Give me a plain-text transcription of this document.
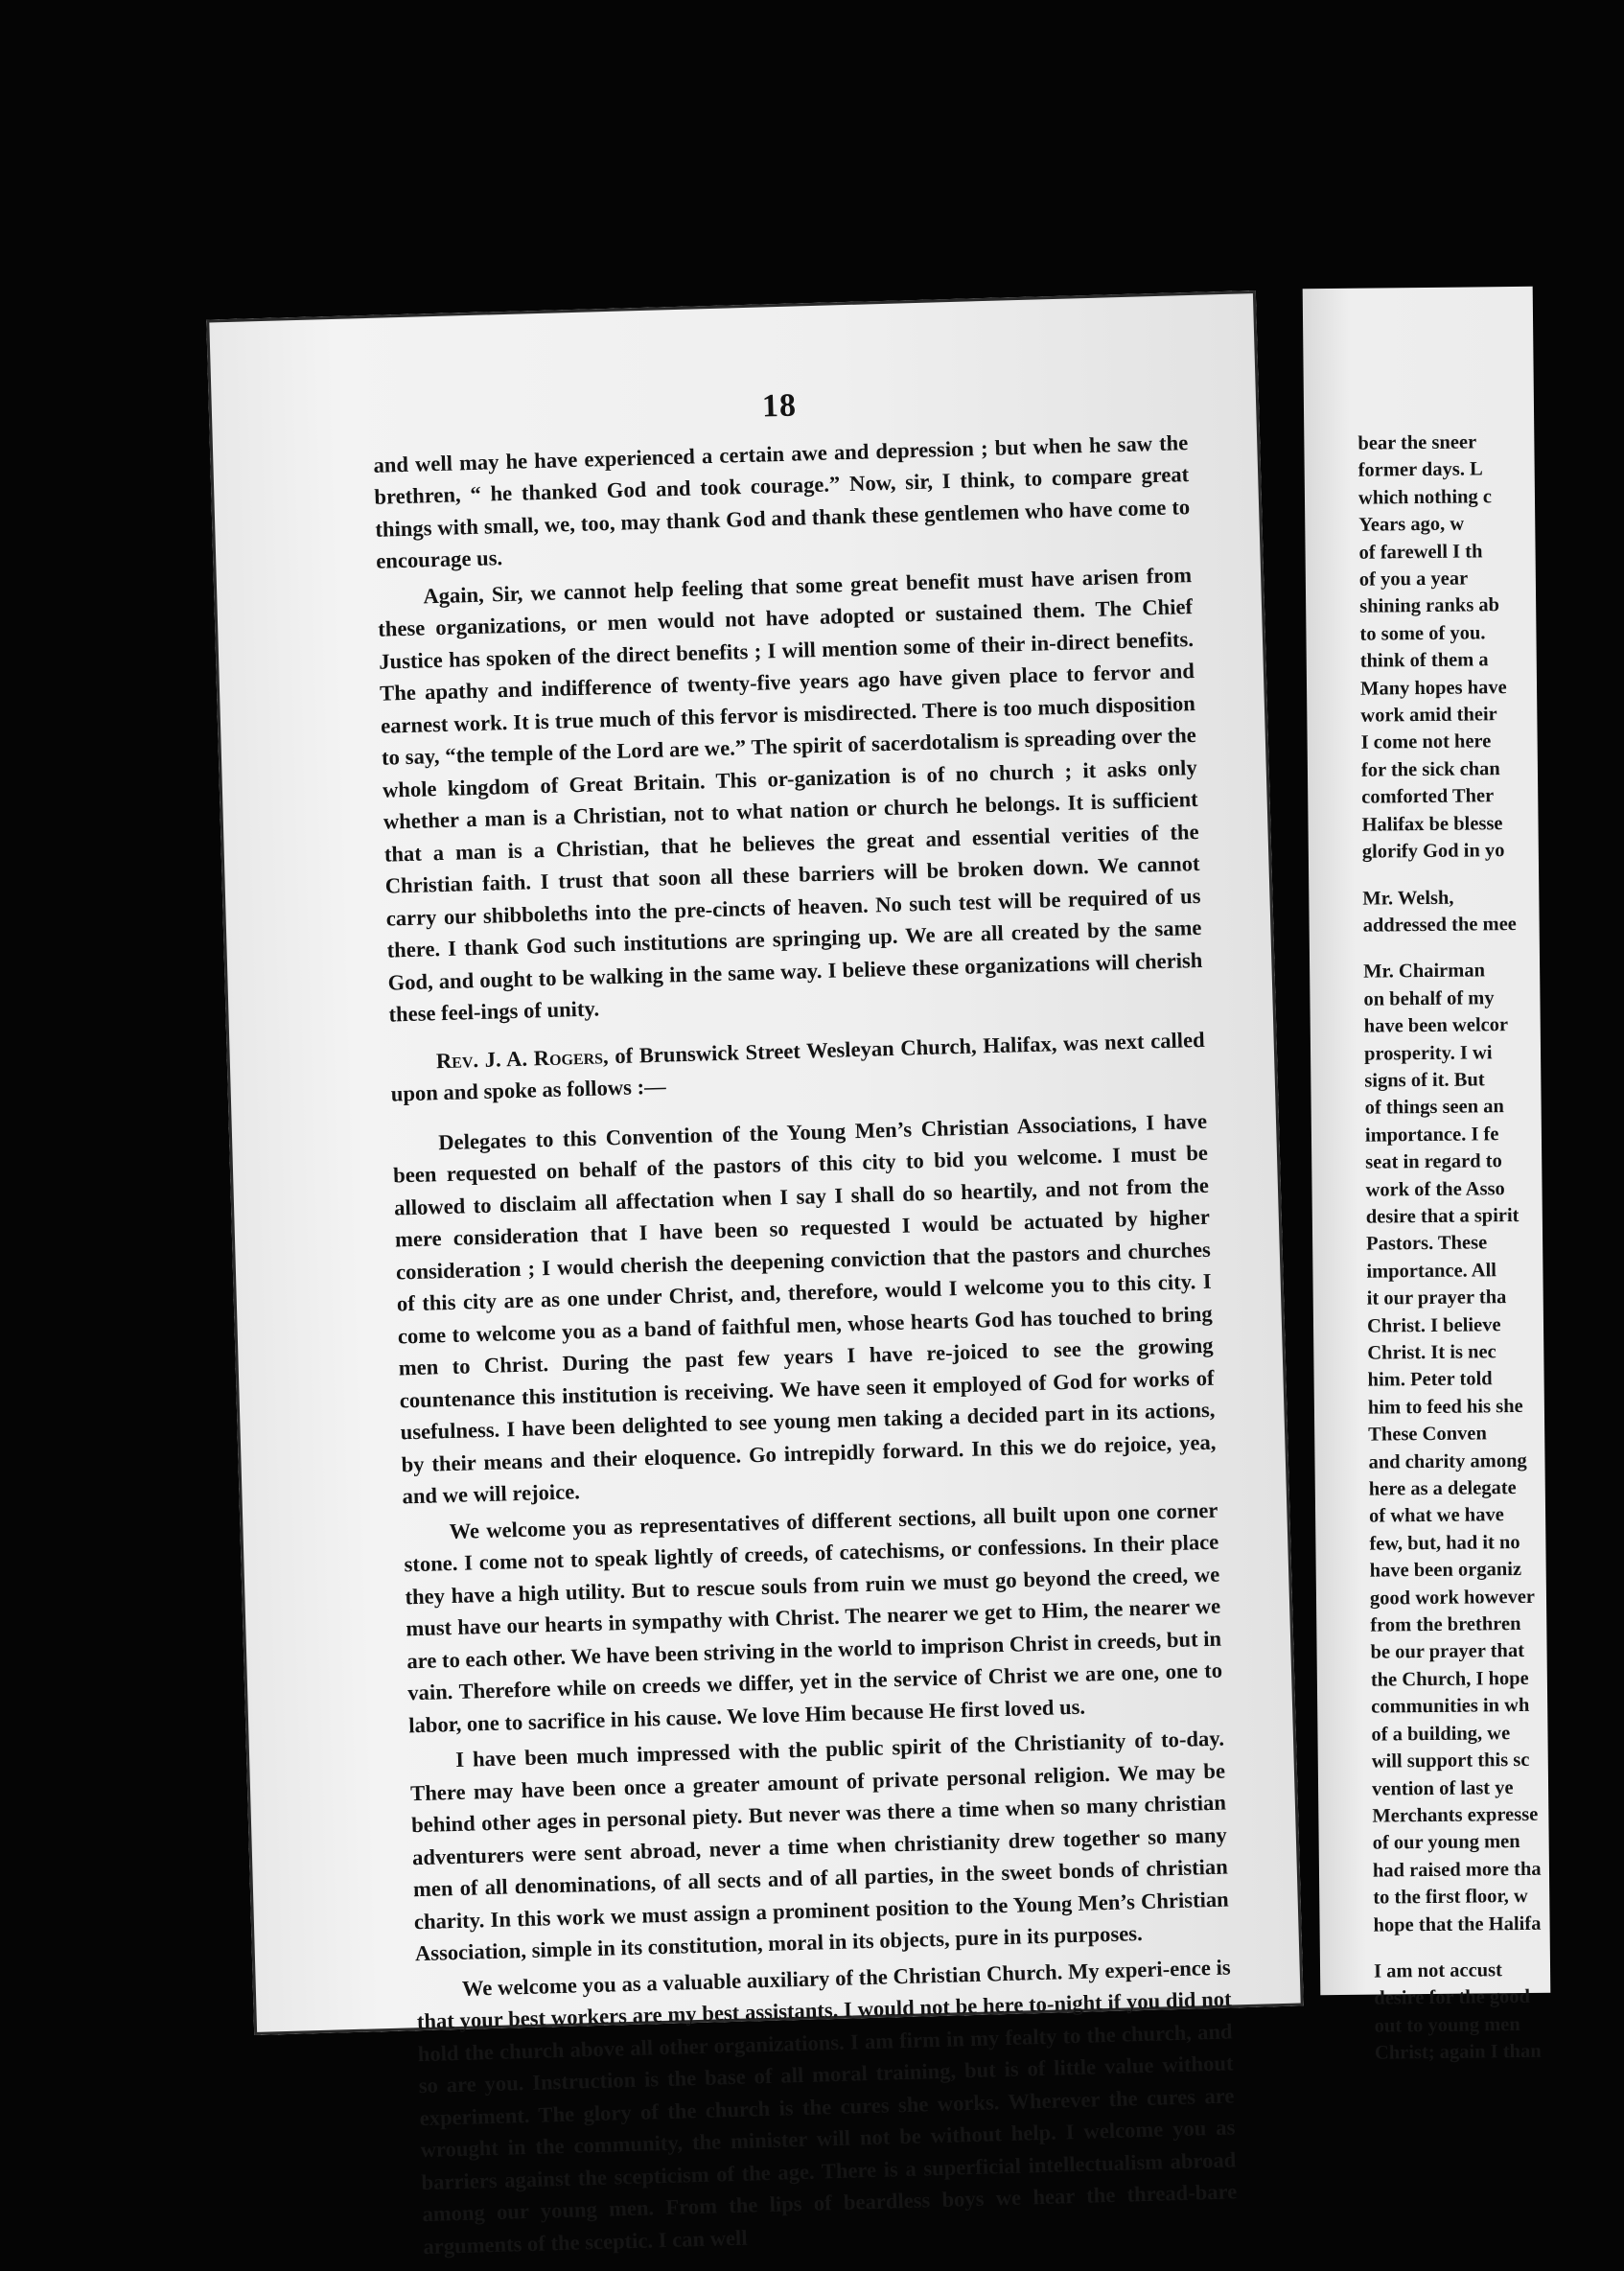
18

and well may he have experienced a certain awe and depression ; but when he saw the brethren, “ he thanked God and took courage.” Now, sir, I think, to compare great things with small, we, too, may thank God and thank these gentlemen who have come to encourage us.

Again, Sir, we cannot help feeling that some great benefit must have arisen from these organizations, or men would not have adopted or sustained them. The Chief Justice has spoken of the direct benefits ; I will mention some of their in-direct benefits. The apathy and indifference of twenty-five years ago have given place to fervor and earnest work. It is true much of this fervor is misdirected. There is too much disposition to say, “the temple of the Lord are we.” The spirit of sacerdotalism is spreading over the whole kingdom of Great Britain. This or-ganization is of no church ; it asks only whether a man is a Christian, not to what nation or church he belongs. It is sufficient that a man is a Christian, that he believes the great and essential verities of the Christian faith. I trust that soon all these barriers will be broken down. We cannot carry our shibboleths into the pre-cincts of heaven. No such test will be required of us there. I thank God such institutions are springing up. We are all created by the same God, and ought to be walking in the same way. I believe these organizations will cherish these feel-ings of unity.

Rev. J. A. Rogers, of Brunswick Street Wesleyan Church, Halifax, was next called upon and spoke as follows :—

Delegates to this Convention of the Young Men’s Christian Associations, I have been requested on behalf of the pastors of this city to bid you welcome. I must be allowed to disclaim all affectation when I say I shall do so heartily, and not from the mere consideration that I have been so requested I would be actuated by higher consideration ; I would cherish the deepening conviction that the pastors and churches of this city are as one under Christ, and, therefore, would I welcome you to this city. I come to welcome you as a band of faithful men, whose hearts God has touched to bring men to Christ. During the past few years I have re-joiced to see the growing countenance this institution is receiving. We have seen it employed of God for works of usefulness. I have been delighted to see young men taking a decided part in its actions, by their means and their eloquence. Go intrepidly forward. In this we do rejoice, yea, and we will rejoice.

We welcome you as representatives of different sections, all built upon one corner stone. I come not to speak lightly of creeds, of catechisms, or confessions. In their place they have a high utility. But to rescue souls from ruin we must go beyond the creed, we must have our hearts in sympathy with Christ. The nearer we get to Him, the nearer we are to each other. We have been striving in the world to imprison Christ in creeds, but in vain. Therefore while on creeds we differ, yet in the service of Christ we are one, one to labor, one to sacrifice in his cause. We love Him because He first loved us.

I have been much impressed with the public spirit of the Christianity of to-day. There may have been once a greater amount of private personal religion. We may be behind other ages in personal piety. But never was there a time when so many christian adventurers were sent abroad, never a time when christianity drew together so many men of all denominations, of all sects and of all parties, in the sweet bonds of christian charity. In this work we must assign a prominent position to the Young Men’s Christian Association, simple in its constitution, moral in its objects, pure in its purposes.

We welcome you as a valuable auxiliary of the Christian Church. My experi-ence is that your best workers are my best assistants. I would not be here to-night if you did not hold the church above all other organizations. I am firm in my fealty to the church, and so are you. Instruction is the base of all moral training, but is of little value without experiment. The glory of the church is the cures she works. Wherever the cures are wrought in the community, the minister will not be without help. I welcome you as barriers against the scepticism of the age. There is a superficial intellectualism abroad among our young men. From the lips of beardless boys we hear the thread-bare arguments of the sceptic. I can well

bear the sneer
former days. L
which nothing c
Years ago, w
of farewell I th
of you a year
shining ranks ab
to some of you.
think of them a
Many hopes have
work amid their
I come not here
for the sick chan
comforted Ther
Halifax be blesse
glorify God in yo
Mr. Welsh,
addressed the mee
Mr. Chairman
on behalf of my
have been welcor
prosperity. I wi
signs of it. But
of things seen an
importance. I fe
seat in regard to
work of the Asso
desire that a spirit
Pastors. These
importance. All
it our prayer tha
Christ. I believe
Christ. It is nec
him. Peter told
him to feed his she
These Conven
and charity among
here as a delegate
of what we have
few, but, had it no
have been organiz
good work however
from the brethren
be our prayer that
the Church, I hope
communities in wh
of a building, we
will support this sc
vention of last ye
Merchants expresse
of our young men
had raised more tha
to the first floor, w
hope that the Halifa
I am not accust
desire for the good
out to young men
Christ; again I than
